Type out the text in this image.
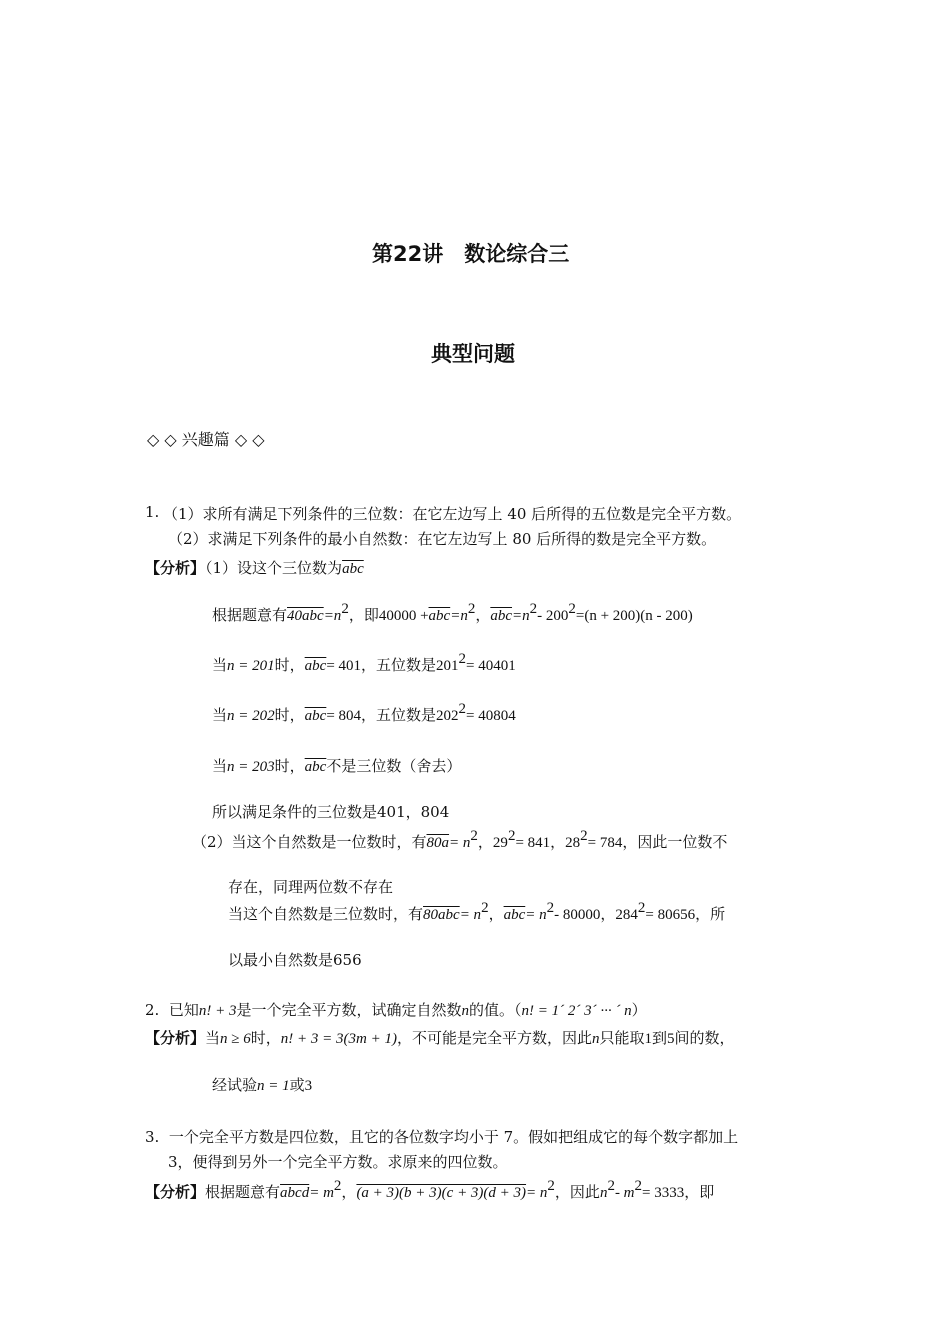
第22讲　数论综合三
典型问题
◇ ◇ 兴趣篇 ◇ ◇
1. （1）求所有满足下列条件的三位数：在它左边写上 40 后所得的五位数是完全平方数。
（2）求满足下列条件的最小自然数：在它左边写上 80 后所得的数是完全平方数。
【分析】（1）设这个三位数为$\overline{abc}$
根据题意有$40abc=n^2$，即$40000 +\overline{abc}=n^2$，$\overline{abc}=n^2-$ $200^2=(n + 200)(n - 200)$
当n = 201时，$\overline{abc}= 401$，五位数是$201^2= 40401$
当n = 202时，$\overline{abc}= 804$，五位数是$202^2= 40804$
当n = 203时，$\overline{abc}$不是三位数（舍去）
所以满足条件的三位数是401，804
（2）当这个自然数是一位数时，有$80a= n^2$，$29^2= 841$，$28^2= 784$，因此一位数不
存在，同理两位数不存在
当这个自然数是三位数时，有$80abc= n^2$，$\overline{abc}= n^2-$ 80000，$284^2= 80656$，所
以最小自然数是656
2. 已知n! + 3是一个完全平方数，试确定自然数n的值。（n! = 1´ 2´ 3´ ··· ´ n）
【分析】当n ≥ 6时，n! + 3 = 3(3m + 1)，不可能是完全平方数，因此n只能取1到5间的数，
经试验n = 1或3
3. 一个完全平方数是四位数，且它的各位数字均小于 7。假如把组成它的每个数字都加上
3，便得到另外一个完全平方数。求原来的四位数。
【分析】根据题意有abcd= $m^2$，$(a + 3)(b + 3)(c + 3)(d + 3)= n^2$，因此$n^2-$ $m^2= 3333$，即
